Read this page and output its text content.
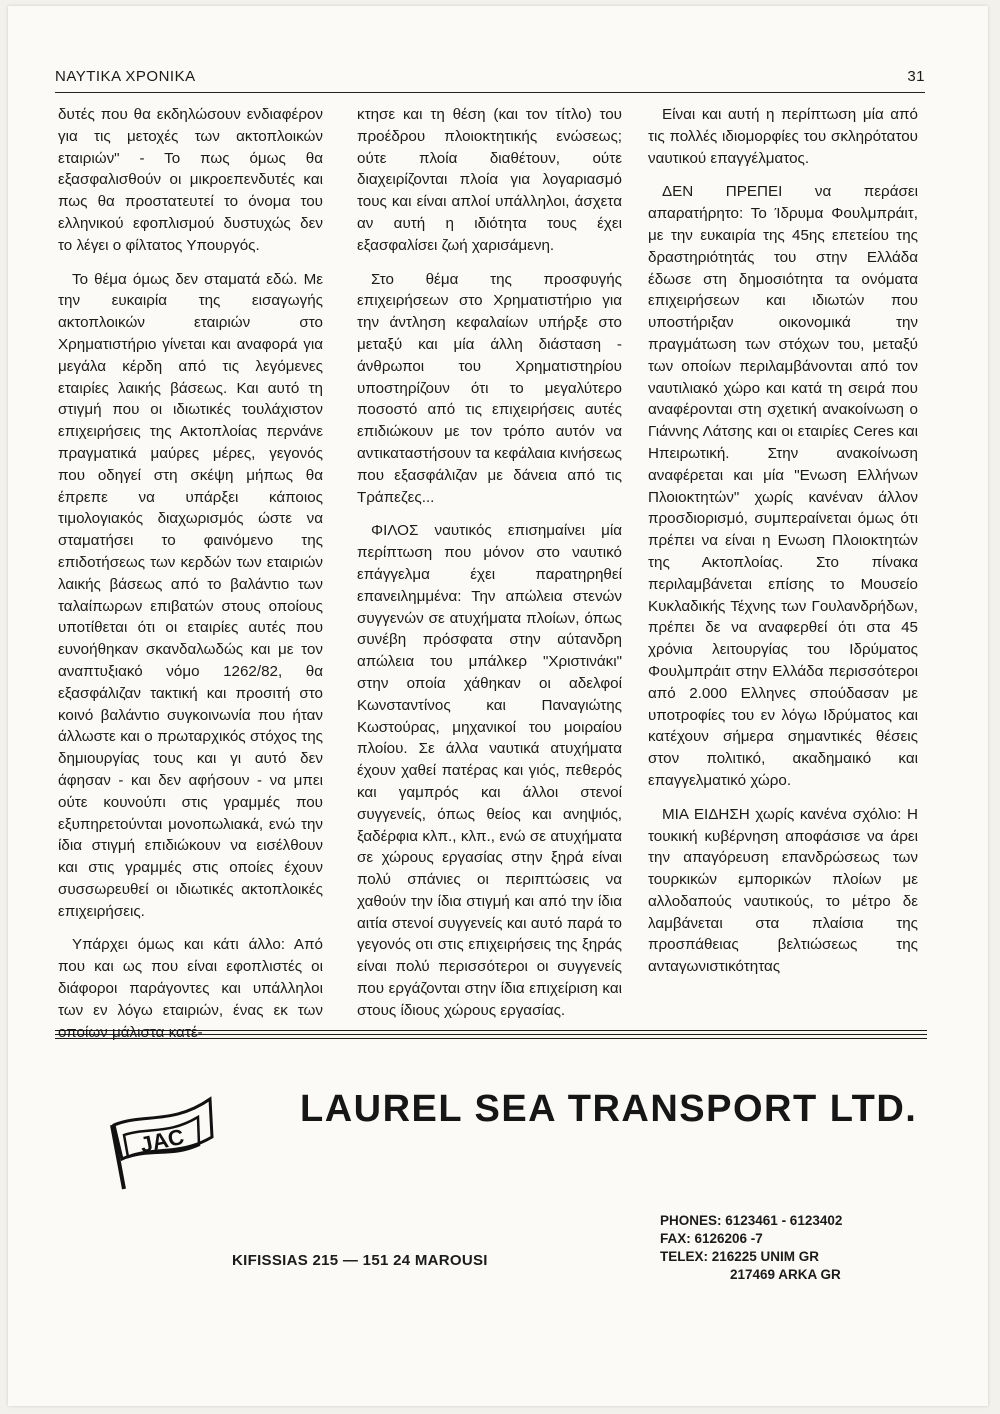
ΝΑΥΤΙΚΑ ΧΡΟΝΙΚΑ	31

δυτές που θα εκδηλώσουν ενδιαφέρον για τις μετοχές των ακτοπλοικών εταιριών" - Το πως όμως θα εξασφαλισθούν οι μικροεπενδυτές και πως θα προστατευτεί το όνομα του ελληνικού εφοπλισμού δυστυχώς δεν το λέγει ο φίλτατος Υπουργός.

Το θέμα όμως δεν σταματά εδώ. Με την ευκαιρία της εισαγωγής ακτοπλοικών εταιριών στο Χρηματιστήριο γίνεται και αναφορά για μεγάλα κέρδη από τις λεγόμενες εταιρίες λαικής βάσεως. Και αυτό τη στιγμή που οι ιδιωτικές τουλάχιστον επιχειρήσεις της Ακτοπλοίας περνάνε πραγματικά μαύρες μέρες, γεγονός που οδηγεί στη σκέψη μήπως θα έπρεπε να υπάρξει κάποιος τιμολογιακός διαχωρισμός ώστε να σταματήσει το φαινόμενο της επιδοτήσεως των κερδών των εταιριών λαικής βάσεως από το βαλάντιο των ταλαίπωρων επιβατών στους οποίους υποτίθεται ότι οι εταιρίες αυτές που ευνοήθηκαν σκανδαλωδώς και με τον αναπτυξιακό νόμο 1262/82, θα εξασφάλιζαν τακτική και προσιτή στο κοινό βαλάντιο συγκοινωνία που ήταν άλλωστε και ο πρωταρχικός στόχος της δημιουργίας τους και γι αυτό δεν άφησαν - και δεν αφήσουν - να μπει ούτε κουνούπι στις γραμμές που εξυπηρετούνται μονοπωλιακά, ενώ την ίδια στιγμή επιδιώκουν να εισέλθουν και στις γραμμές στις οποίες έχουν συσσωρευθεί οι ιδιωτικές ακτοπλοικές επιχειρήσεις.

Υπάρχει όμως και κάτι άλλο: Από που και ως που είναι εφοπλιστές οι διάφοροι παράγοντες και υπάλληλοι των εν λόγω εταιριών, ένας εκ των οποίων μάλιστα κατέ-

κτησε και τη θέση (και τον τίτλο) του προέδρου πλοιοκτητικής ενώσεως; ούτε πλοία διαθέτουν, ούτε διαχειρίζονται πλοία για λογαριασμό τους και είναι απλοί υπάλληλοι, άσχετα αν αυτή η ιδιότητα τους έχει εξασφαλίσει ζωή χαρισάμενη.

Στο θέμα της προσφυγής επιχειρήσεων στο Χρηματιστήριο για την άντληση κεφαλαίων υπήρξε στο μεταξύ και μία άλλη διάσταση - άνθρωποι του Χρηματιστηρίου υποστηρίζουν ότι το μεγαλύτερο ποσοστό από τις επιχειρήσεις αυτές επιδιώκουν με τον τρόπο αυτόν να αντικαταστήσουν τα κεφάλαια κινήσεως που εξασφάλιζαν με δάνεια από τις Τράπεζες...

ΦΙΛΟΣ ναυτικός επισημαίνει μία περίπτωση που μόνον στο ναυτικό επάγγελμα έχει παρατηρηθεί επανειλημμένα: Την απώλεια στενών συγγενών σε ατυχήματα πλοίων, όπως συνέβη πρόσφατα στην αύτανδρη απώλεια του μπάλκερ "Χριστινάκι" στην οποία χάθηκαν οι αδελφοί Κωνσταντίνος και Παναγιώτης Κωστούρας, μηχανικοί του μοιραίου πλοίου. Σε άλλα ναυτικά ατυχήματα έχουν χαθεί πατέρας και γιός, πεθερός και γαμπρός και άλλοι στενοί συγγενείς, όπως θείος και ανηψιός, ξαδέρφια κλπ., κλπ., ενώ σε ατυχήματα σε χώρους εργασίας στην ξηρά είναι πολύ σπάνιες οι περιπτώσεις να χαθούν την ίδια στιγμή και από την ίδια αιτία στενοί συγγενείς και αυτό παρά το γεγονός οτι στις επιχειρήσεις της ξηράς είναι πολύ περισσότεροι οι συγγενείς που εργάζονται στην ίδια επιχείριση και στους ίδιους χώρους εργασίας.

Είναι και αυτή η περίπτωση μία από τις πολλές ιδιομορφίες του σκληρότατου ναυτικού επαγγέλματος.

ΔΕΝ ΠΡΕΠΕΙ να περάσει απαρατήρητο: Το Ίδρυμα Φουλμπράιτ, με την ευκαιρία της 45ης επετείου της δραστηριότητάς του στην Ελλάδα έδωσε στη δημοσιότητα τα ονόματα επιχειρήσεων και ιδιωτών που υποστήριξαν οικονομικά την πραγμάτωση των στόχων του, μεταξύ των οποίων περιλαμβάνονται από τον ναυτιλιακό χώρο και κατά τη σειρά που αναφέρονται στη σχετική ανακοίνωση ο Γιάννης Λάτσης και οι εταιρίες Ceres και Ηπειρωτική. Στην ανακοίνωση αναφέρεται και μία "Ενωση Ελλήνων Πλοιοκτητών" χωρίς κανέναν άλλον προσδιορισμό, συμπεραίνεται όμως ότι πρέπει να είναι η Ενωση Πλοιοκτητών της Ακτοπλοίας. Στο πίνακα περιλαμβάνεται επίσης το Μουσείο Κυκλαδικής Τέχνης των Γουλανδρήδων, πρέπει δε να αναφερθεί ότι στα 45 χρόνια λειτουργίας του Ιδρύματος Φουλμπράιτ στην Ελλάδα περισσότεροι από 2.000 Ελληνες σπούδασαν με υποτροφίες του εν λόγω Ιδρύματος και κατέχουν σήμερα σημαντικές θέσεις στον πολιτικό, ακαδημαικό και επαγγελματικό χώρο.

ΜΙΑ ΕΙΔΗΣΗ χωρίς κανένα σχόλιο: Η τουκική κυβέρνηση αποφάσισε να άρει την απαγόρευση επανδρώσεως των τουρκικών εμπορικών πλοίων με αλλοδαπούς ναυτικούς, το μέτρο δε λαμβάνεται στα πλαίσια της προσπάθειας βελτιώσεως της ανταγωνιστικότητας

JAC
LAUREL SEA TRANSPORT LTD.
KIFISSIAS 215 — 151 24 MAROUSI
PHONES: 6123461 - 6123402
FAX: 6126206 -7
TELEX: 216225 UNIM GR
217469 ARKA GR
